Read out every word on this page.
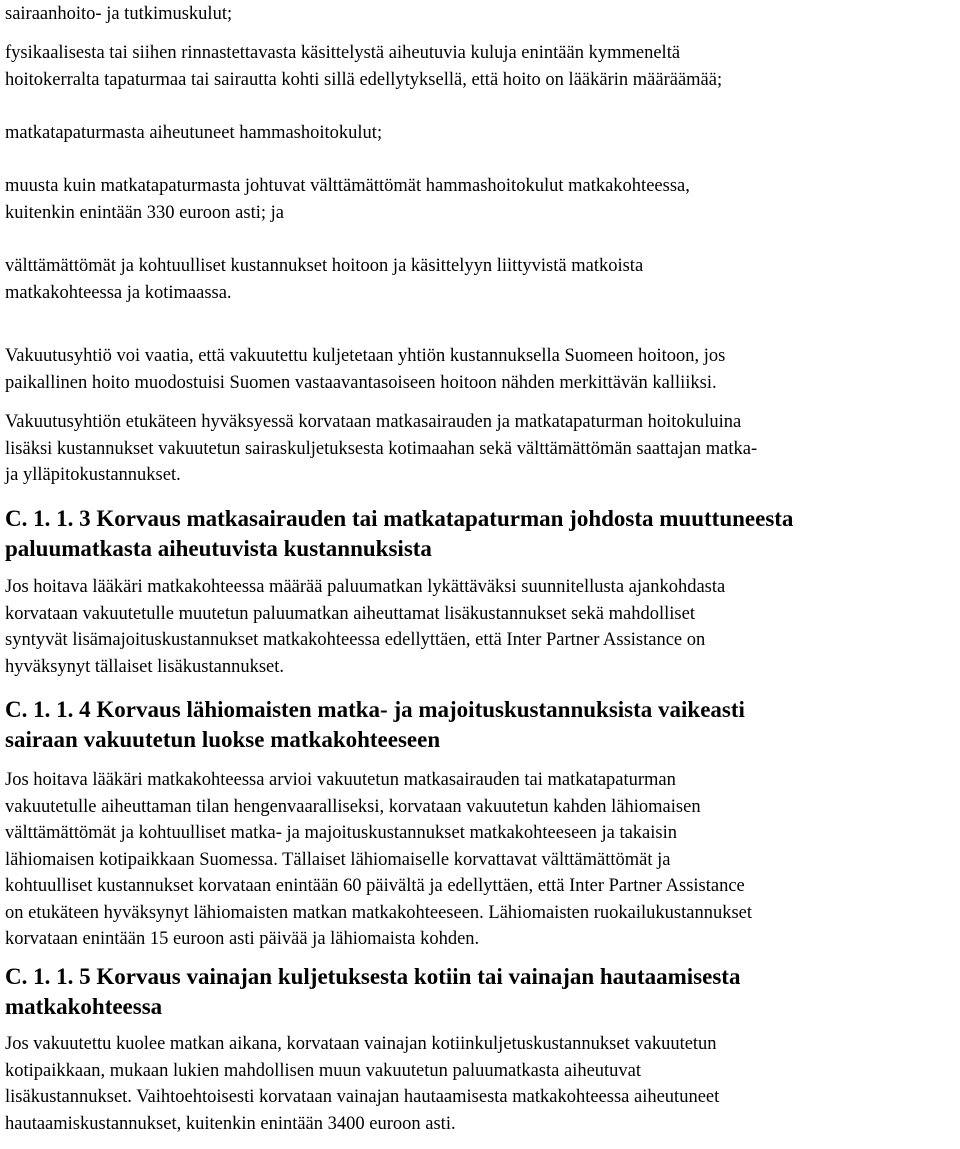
sairaanhoito- ja tutkimuskulut;
fysikaalisesta tai siihen rinnastettavasta käsittelystä aiheutuvia kuluja enintään kymmeneltä
hoitokerralta tapaturmaa tai sairautta kohti sillä edellytyksellä, että hoito on lääkärin määräämää;
matkatapaturmasta aiheutuneet hammashoitokulut;
muusta kuin matkatapaturmasta johtuvat välttämättömät hammashoitokulut matkakohteessa,
kuitenkin enintään 330 euroon asti; ja
välttämättömät ja kohtuulliset kustannukset hoitoon ja käsittelyyn liittyvistä matkoista
matkakohteessa ja kotimaassa.
Vakuutusyhtiö voi vaatia, että vakuutettu kuljetetaan yhtiön kustannuksella Suomeen hoitoon, jos
paikallinen hoito muodostuisi Suomen vastaavantasoiseen hoitoon nähden merkittävän kalliiksi.
Vakuutusyhtiön etukäteen hyväksyessä korvataan matkasairauden ja matkatapaturman hoitokuluina
lisäksi kustannukset vakuutetun sairaskuljetuksesta kotimaahan sekä välttämättömän saattajan matka-
ja ylläpitokustannukset.
C. 1. 1. 3 Korvaus matkasairauden tai matkatapaturman johdosta muuttuneesta
paluumatkasta aiheutuvista kustannuksista
Jos hoitava lääkäri matkakohteessa määrää paluumatkan lykättäväksi suunnitellusta ajankohdasta
korvataan vakuutetulle muutetun paluumatkan aiheuttamat lisäkustannukset sekä mahdolliset
syntyvät lisämajoituskustannukset matkakohteessa edellyttäen, että Inter Partner Assistance on
hyväksynyt tällaiset lisäkustannukset.
C. 1. 1. 4 Korvaus lähiomaisten matka- ja majoituskustannuksista vaikeasti
sairaan vakuutetun luokse matkakohteeseen
Jos hoitava lääkäri matkakohteessa arvioi vakuutetun matkasairauden tai matkatapaturman
vakuutetulle aiheuttaman tilan hengenvaaralliseksi, korvataan vakuutetun kahden lähiomaisen
välttämättömät ja kohtuulliset matka- ja majoituskustannukset matkakohteeseen ja takaisin
lähiomaisen kotipaikkaan Suomessa. Tällaiset lähiomaiselle korvattavat välttämättömät ja
kohtuulliset kustannukset korvataan enintään 60 päivältä ja edellyttäen, että Inter Partner Assistance
on etukäteen hyväksynyt lähiomaisten matkan matkakohteeseen. Lähiomaisten ruokailukustannukset
korvataan enintään 15 euroon asti päivää ja lähiomaista kohden.
C. 1. 1. 5 Korvaus vainajan kuljetuksesta kotiin tai vainajan hautaamisesta
matkakohteessa
Jos vakuutettu kuolee matkan aikana, korvataan vainajan kotiinkuljetuskustannukset vakuutetun
kotipaikkaan, mukaan lukien mahdollisen muun vakuutetun paluumatkasta aiheutuvat
lisäkustannukset. Vaihtoehtoisesti korvataan vainajan hautaamisesta matkakohteessa aiheutuneet
hautaamiskustannukset, kuitenkin enintään 3400 euroon asti.
